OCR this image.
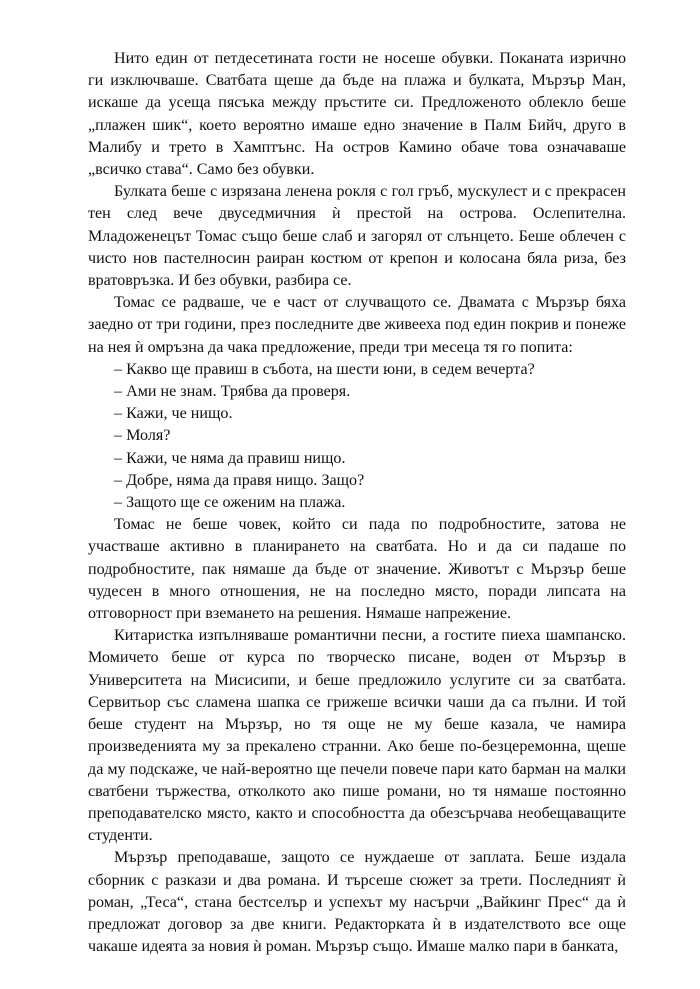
Нито един от петдесетината гости не носеше обувки. Поканата изрично ги изключваше. Сватбата щеше да бъде на плажа и булката, Мързър Ман, искаше да усеща пясъка между пръстите си. Предложеното облекло беше „плажен шик“, което вероятно имаше едно значение в Палм Бийч, друго в Малибу и трето в Хамптънс. На остров Камино обаче това означаваше „всичко става“. Само без обувки.

Булката беше с изрязана ленена рокля с гол гръб, мускулест и с прекрасен тен след вече двуседмичния ѝ престой на острова. Ослепителна. Младоженецът Томас също беше слаб и загорял от слънцето. Беше облечен с чисто нов пастелносин раиран костюм от крепон и колосана бяла риза, без вратовръзка. И без обувки, разбира се.

Томас се радваше, че е част от случващото се. Двамата с Мързър бяха заедно от три години, през последните две живееха под един покрив и понеже на нея ѝ омръзна да чака предложение, преди три месеца тя го попита:

– Какво ще правиш в събота, на шести юни, в седем вечерта?

– Ами не знам. Трябва да проверя.

– Кажи, че нищо.

– Моля?

– Кажи, че няма да правиш нищо.

– Добре, няма да правя нищо. Защо?

– Защото ще се оженим на плажа.

Томас не беше човек, който си пада по подробностите, затова не участваше активно в планирането на сватбата. Но и да си падаше по подробностите, пак нямаше да бъде от значение. Животът с Мързър беше чудесен в много отношения, не на последно място, поради липсата на отговорност при вземането на решения. Нямаше напрежение.

Китаристка изпълняваше романтични песни, а гостите пиеха шампанско. Момичето беше от курса по творческо писане, воден от Мързър в Университета на Мисисипи, и беше предложило услугите си за сватбата. Сервитьор със сламена шапка се грижеше всички чаши да са пълни. И той беше студент на Мързър, но тя още не му беше казала, че намира произведенията му за прекалено странни. Ако беше по-безцеремонна, щеше да му подскаже, че най-вероятно ще печели повече пари като барман на малки сватбени тържества, отколкото ако пише романи, но тя нямаше постоянно преподавателско място, както и способността да обезсърчава необещаващите студенти.

Мързър преподаваше, защото се нуждаеше от заплата. Беше издала сборник с разкази и два романа. И търсеше сюжет за трети. Последният ѝ роман, „Теса“, стана бестселър и успехът му насърчи „Вайкинг Прес“ да ѝ предложат договор за две книги. Редакторката ѝ в издателството все още чакаше идеята за новия ѝ роман. Мързър също. Имаше малко пари в банката,
